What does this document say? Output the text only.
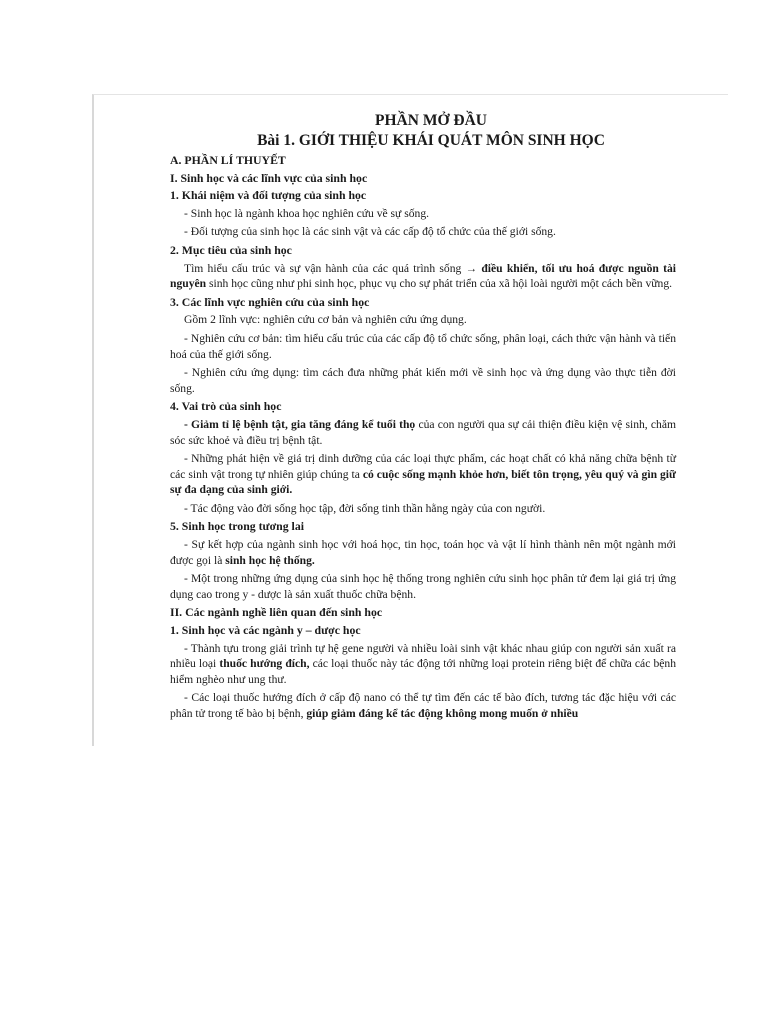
PHẦN MỞ ĐẦU
Bài 1. GIỚI THIỆU KHÁI QUÁT MÔN SINH HỌC
A. PHẦN LÍ THUYẾT
I. Sinh học và các lĩnh vực của sinh học
1. Khái niệm và đối tượng của sinh học

- Sinh học là ngành khoa học nghiên cứu về sự sống.

- Đối tượng của sinh học là các sinh vật và các cấp độ tổ chức của thế giới sống.

2. Mục tiêu của sinh học

Tìm hiểu cấu trúc và sự vận hành của các quá trình sống → điều khiển, tối ưu hoá được nguồn tài nguyên sinh học cũng như phi sinh học, phục vụ cho sự phát triển của xã hội loài người một cách bền vững.

3. Các lĩnh vực nghiên cứu của sinh học

Gồm 2 lĩnh vực: nghiên cứu cơ bản và nghiên cứu ứng dụng.

- Nghiên cứu cơ bản: tìm hiểu cấu trúc của các cấp độ tổ chức sống, phân loại, cách thức vận hành và tiến hoá của thế giới sống.

- Nghiên cứu ứng dụng: tìm cách đưa những phát kiến mới về sinh học và ứng dụng vào thực tiễn đời sống.

4. Vai trò của sinh học

- Giảm tỉ lệ bệnh tật, gia tăng đáng kể tuổi thọ của con người qua sự cải thiện điều kiện vệ sinh, chăm sóc sức khoẻ và điều trị bệnh tật.

- Những phát hiện về giá trị dinh dưỡng của các loại thực phẩm, các hoạt chất có khả năng chữa bệnh từ các sinh vật trong tự nhiên giúp chúng ta có cuộc sống mạnh khỏe hơn, biết tôn trọng, yêu quý và gìn giữ sự đa dạng của sinh giới.

- Tác động vào đời sống học tập, đời sống tinh thần hằng ngày của con người.

5. Sinh học trong tương lai

- Sự kết hợp của ngành sinh học với hoá học, tin học, toán học và vật lí hình thành nên một ngành mới được gọi là sinh học hệ thống.

- Một trong những ứng dụng của sinh học hệ thống trong nghiên cứu sinh học phân tử đem lại giá trị ứng dụng cao trong y - dược là sản xuất thuốc chữa bệnh.

II. Các ngành nghề liên quan đến sinh học
1. Sinh học và các ngành y – dược học

- Thành tựu trong giải trình tự hệ gene người và nhiều loài sinh vật khác nhau giúp con người sản xuất ra nhiều loại thuốc hướng đích, các loại thuốc này tác động tới những loại protein riêng biệt để chữa các bệnh hiểm nghèo như ung thư.

- Các loại thuốc hướng đích ở cấp độ nano có thể tự tìm đến các tế bào đích, tương tác đặc hiệu với các phân tử trong tế bào bị bệnh, giúp giảm đáng kể tác động không mong muốn ở nhiều
